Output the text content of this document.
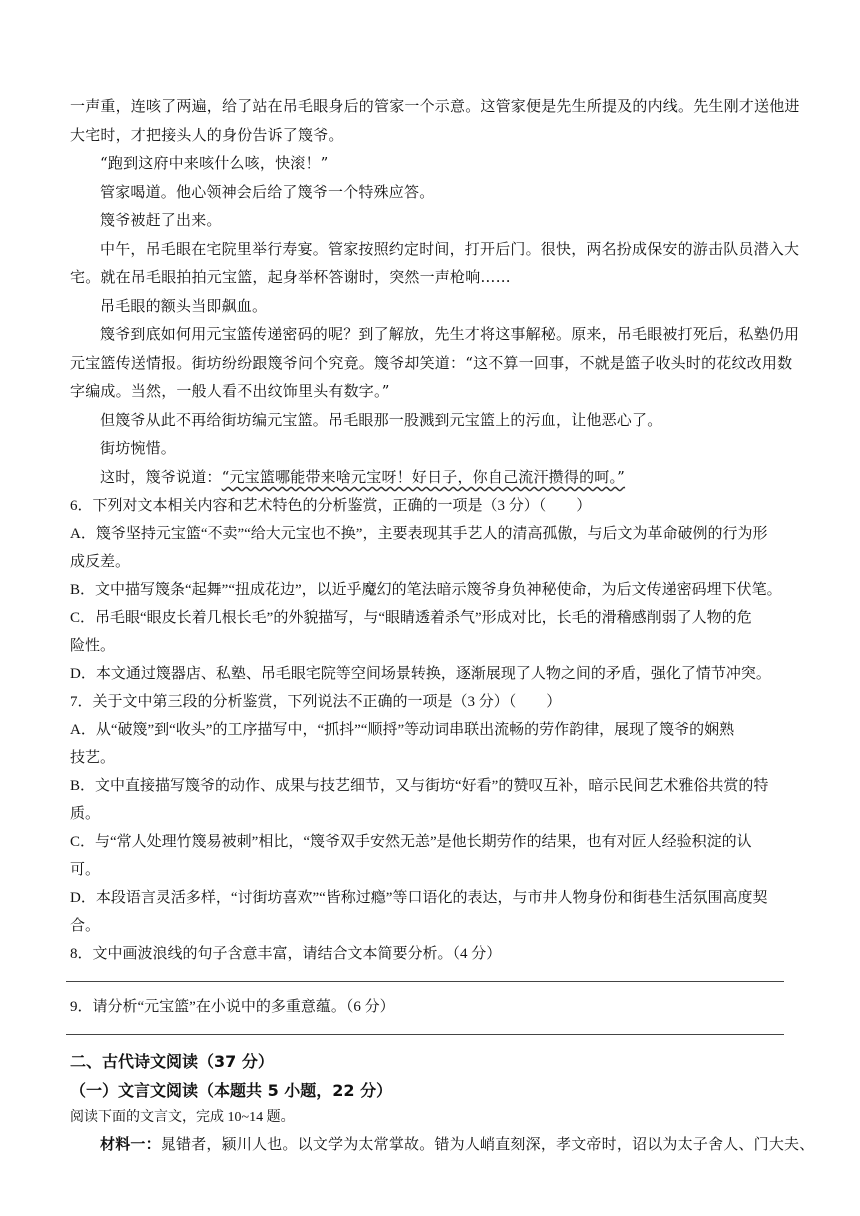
一声重，连咳了两遍，给了站在吊毛眼身后的管家一个示意。这管家便是先生所提及的内线。先生刚才送他进
大宅时，才把接头人的身份告诉了篾爷。
“跑到这府中来咳什么咳，快滚！”
管家喝道。他心领神会后给了篾爷一个特殊应答。
篾爷被赶了出来。
中午，吊毛眼在宅院里举行寿宴。管家按照约定时间，打开后门。很快，两名扮成保安的游击队员潜入大
宅。就在吊毛眼拍拍元宝篮，起身举杯答谢时，突然一声枪响……
吊毛眼的额头当即飙血。
篾爷到底如何用元宝篮传递密码的呢？到了解放，先生才将这事解秘。原来，吊毛眼被打死后，私塾仍用
元宝篮传送情报。街坊纷纷跟篾爷问个究竟。篾爷却笑道：“这不算一回事，不就是篮子收头时的花纹改用数
字编成。当然，一般人看不出纹饰里头有数字。”
但篾爷从此不再给街坊编元宝篮。吊毛眼那一股溅到元宝篮上的污血，让他恶心了。
街坊惋惜。
这时，篾爷说道：“元宝篮哪能带来啥元宝呀！好日子，你自己流汗攒得的呵。”
6．下列对文本相关内容和艺术特色的分析鉴赏，正确的一项是（3 分）（　　）
A．篾爷坚持元宝篮“不卖”“给大元宝也不换”，主要表现其手艺人的清高孤傲，与后文为革命破例的行为形
成反差。
B．文中描写篾条“起舞”“扭成花边”，以近乎魔幻的笔法暗示篾爷身负神秘使命，为后文传递密码埋下伏笔。
C．吊毛眼“眼皮长着几根长毛”的外貌描写，与“眼睛透着杀气”形成对比，长毛的滑稽感削弱了人物的危
险性。
D．本文通过篾器店、私塾、吊毛眼宅院等空间场景转换，逐渐展现了人物之间的矛盾，强化了情节冲突。
7．关于文中第三段的分析鉴赏，下列说法不正确的一项是（3 分）（　　）
A．从“破篾”到“收头”的工序描写中，“抓抖”“顺捋”等动词串联出流畅的劳作韵律，展现了篾爷的娴熟
技艺。
B．文中直接描写篾爷的动作、成果与技艺细节，又与街坊“好看”的赞叹互补，暗示民间艺术雅俗共赏的特
质。
C．与“常人处理竹篾易被刺”相比，“篾爷双手安然无恙”是他长期劳作的结果，也有对匠人经验积淀的认
可。
D．本段语言灵活多样，“讨街坊喜欢”“皆称过瘾”等口语化的表达，与市井人物身份和街巷生活氛围高度契
合。
8．文中画波浪线的句子含意丰富，请结合文本简要分析。（4 分）
9．请分析“元宝篮”在小说中的多重意蕴。（6 分）
二、古代诗文阅读（37 分）
（一）文言文阅读（本题共 5 小题，22 分）
阅读下面的文言文，完成 10~14 题。
材料一：晁错者，颍川人也。以文学为太常掌故。错为人峭直刻深，孝文帝时，诏以为太子舍人、门大夫、
